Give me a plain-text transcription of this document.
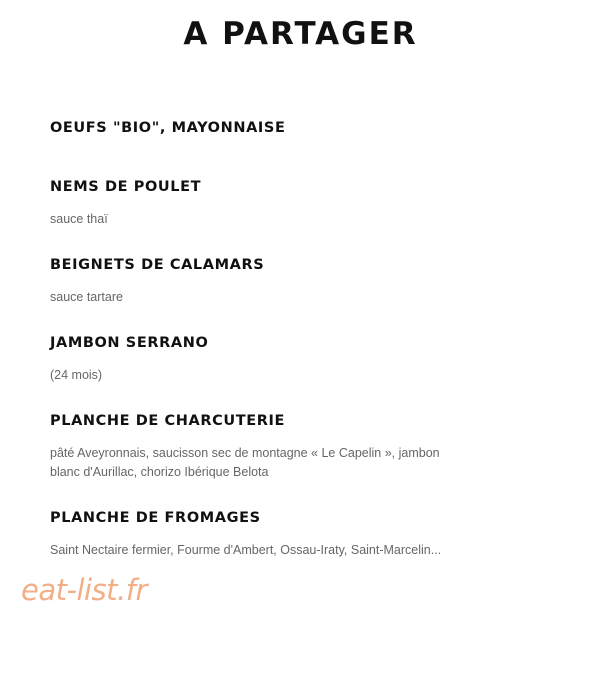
A PARTAGER
OEUFS "BIO", MAYONNAISE
NEMS DE POULET
sauce thaï
BEIGNETS DE CALAMARS
sauce tartare
JAMBON SERRANO
(24 mois)
PLANCHE DE CHARCUTERIE
pâté Aveyronnais, saucisson sec de montagne « Le Capelin », jambon blanc d'Aurillac, chorizo Ibérique Belota
PLANCHE DE FROMAGES
Saint Nectaire fermier, Fourme d'Ambert, Ossau-Iraty, Saint-Marcelin...
eat-list.fr
